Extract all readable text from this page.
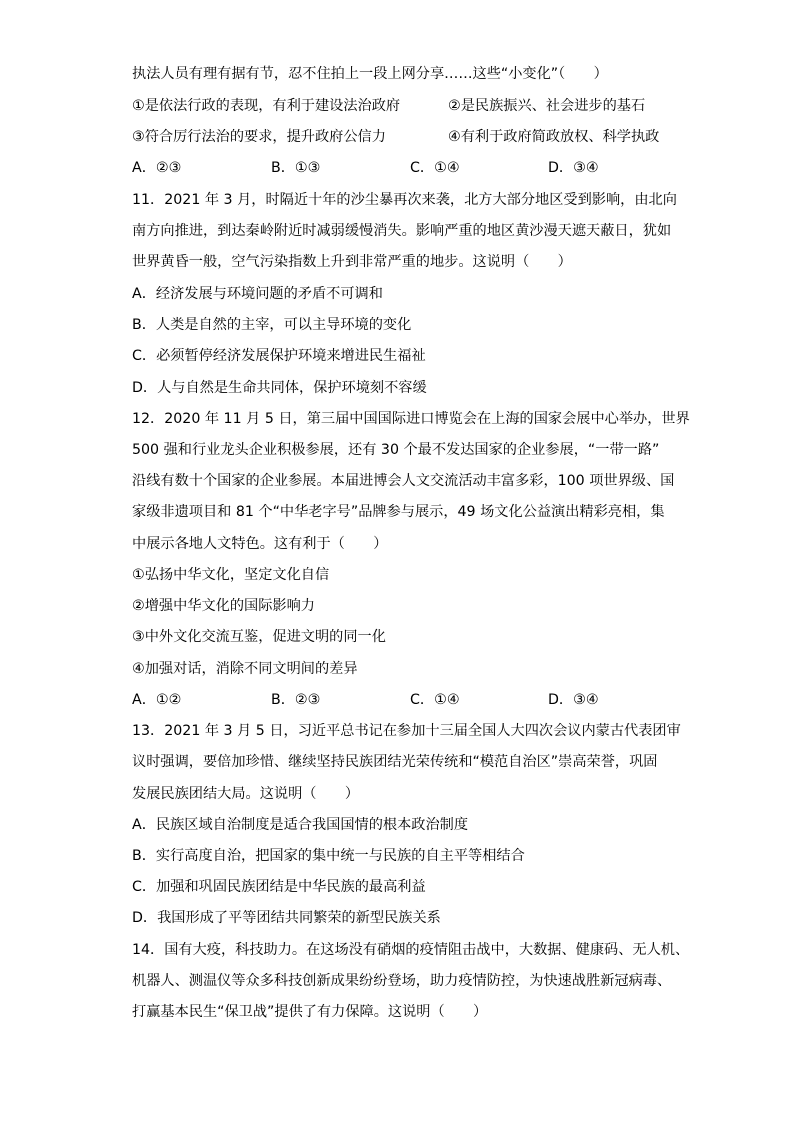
执法人员有理有据有节，忍不住拍上一段上网分享……这些“小变化”（　　）
①是依法行政的表现，有利于建设法治政府	②是民族振兴、社会进步的基石
③符合厉行法治的要求，提升政府公信力	④有利于政府简政放权、科学执政
A．②③	B．①③	C．①④	D．③④
11．2021 年 3 月，时隔近十年的沙尘暴再次来袭，北方大部分地区受到影响，由北向
南方向推进，到达秦岭附近时减弱缓慢消失。影响严重的地区黄沙漫天遮天蔽日，犹如
世界黄昏一般，空气污染指数上升到非常严重的地步。这说明（　　）
A．经济发展与环境问题的矛盾不可调和
B．人类是自然的主宰，可以主导环境的变化
C．必须暂停经济发展保护环境来增进民生福祉
D．人与自然是生命共同体，保护环境刻不容缓
12．2020 年 11 月 5 日，第三届中国国际进口博览会在上海的国家会展中心举办，世界
500 强和行业龙头企业积极参展，还有 30 个最不发达国家的企业参展，“一带一路”
沿线有数十个国家的企业参展。本届进博会人文交流活动丰富多彩，100 项世界级、国
家级非遗项目和 81 个“中华老字号”品牌参与展示，49 场文化公益演出精彩亮相，集
中展示各地人文特色。这有利于（　　）
①弘扬中华文化，坚定文化自信
②增强中华文化的国际影响力
③中外文化交流互鉴，促进文明的同一化
④加强对话，消除不同文明间的差异
A．①②	B．②③	C．①④	D．③④
13．2021 年 3 月 5 日，习近平总书记在参加十三届全国人大四次会议内蒙古代表团审
议时强调，要倍加珍惜、继续坚持民族团结光荣传统和“模范自治区”崇高荣誉，巩固
发展民族团结大局。这说明（　　）
A．民族区域自治制度是适合我国国情的根本政治制度
B．实行高度自治，把国家的集中统一与民族的自主平等相结合
C．加强和巩固民族团结是中华民族的最高利益
D．我国形成了平等团结共同繁荣的新型民族关系
14．国有大疫，科技助力。在这场没有硝烟的疫情阻击战中，大数据、健康码、无人机、
机器人、测温仪等众多科技创新成果纷纷登场，助力疫情防控，为快速战胜新冠病毒、
打赢基本民生“保卫战”提供了有力保障。这说明（　　）
